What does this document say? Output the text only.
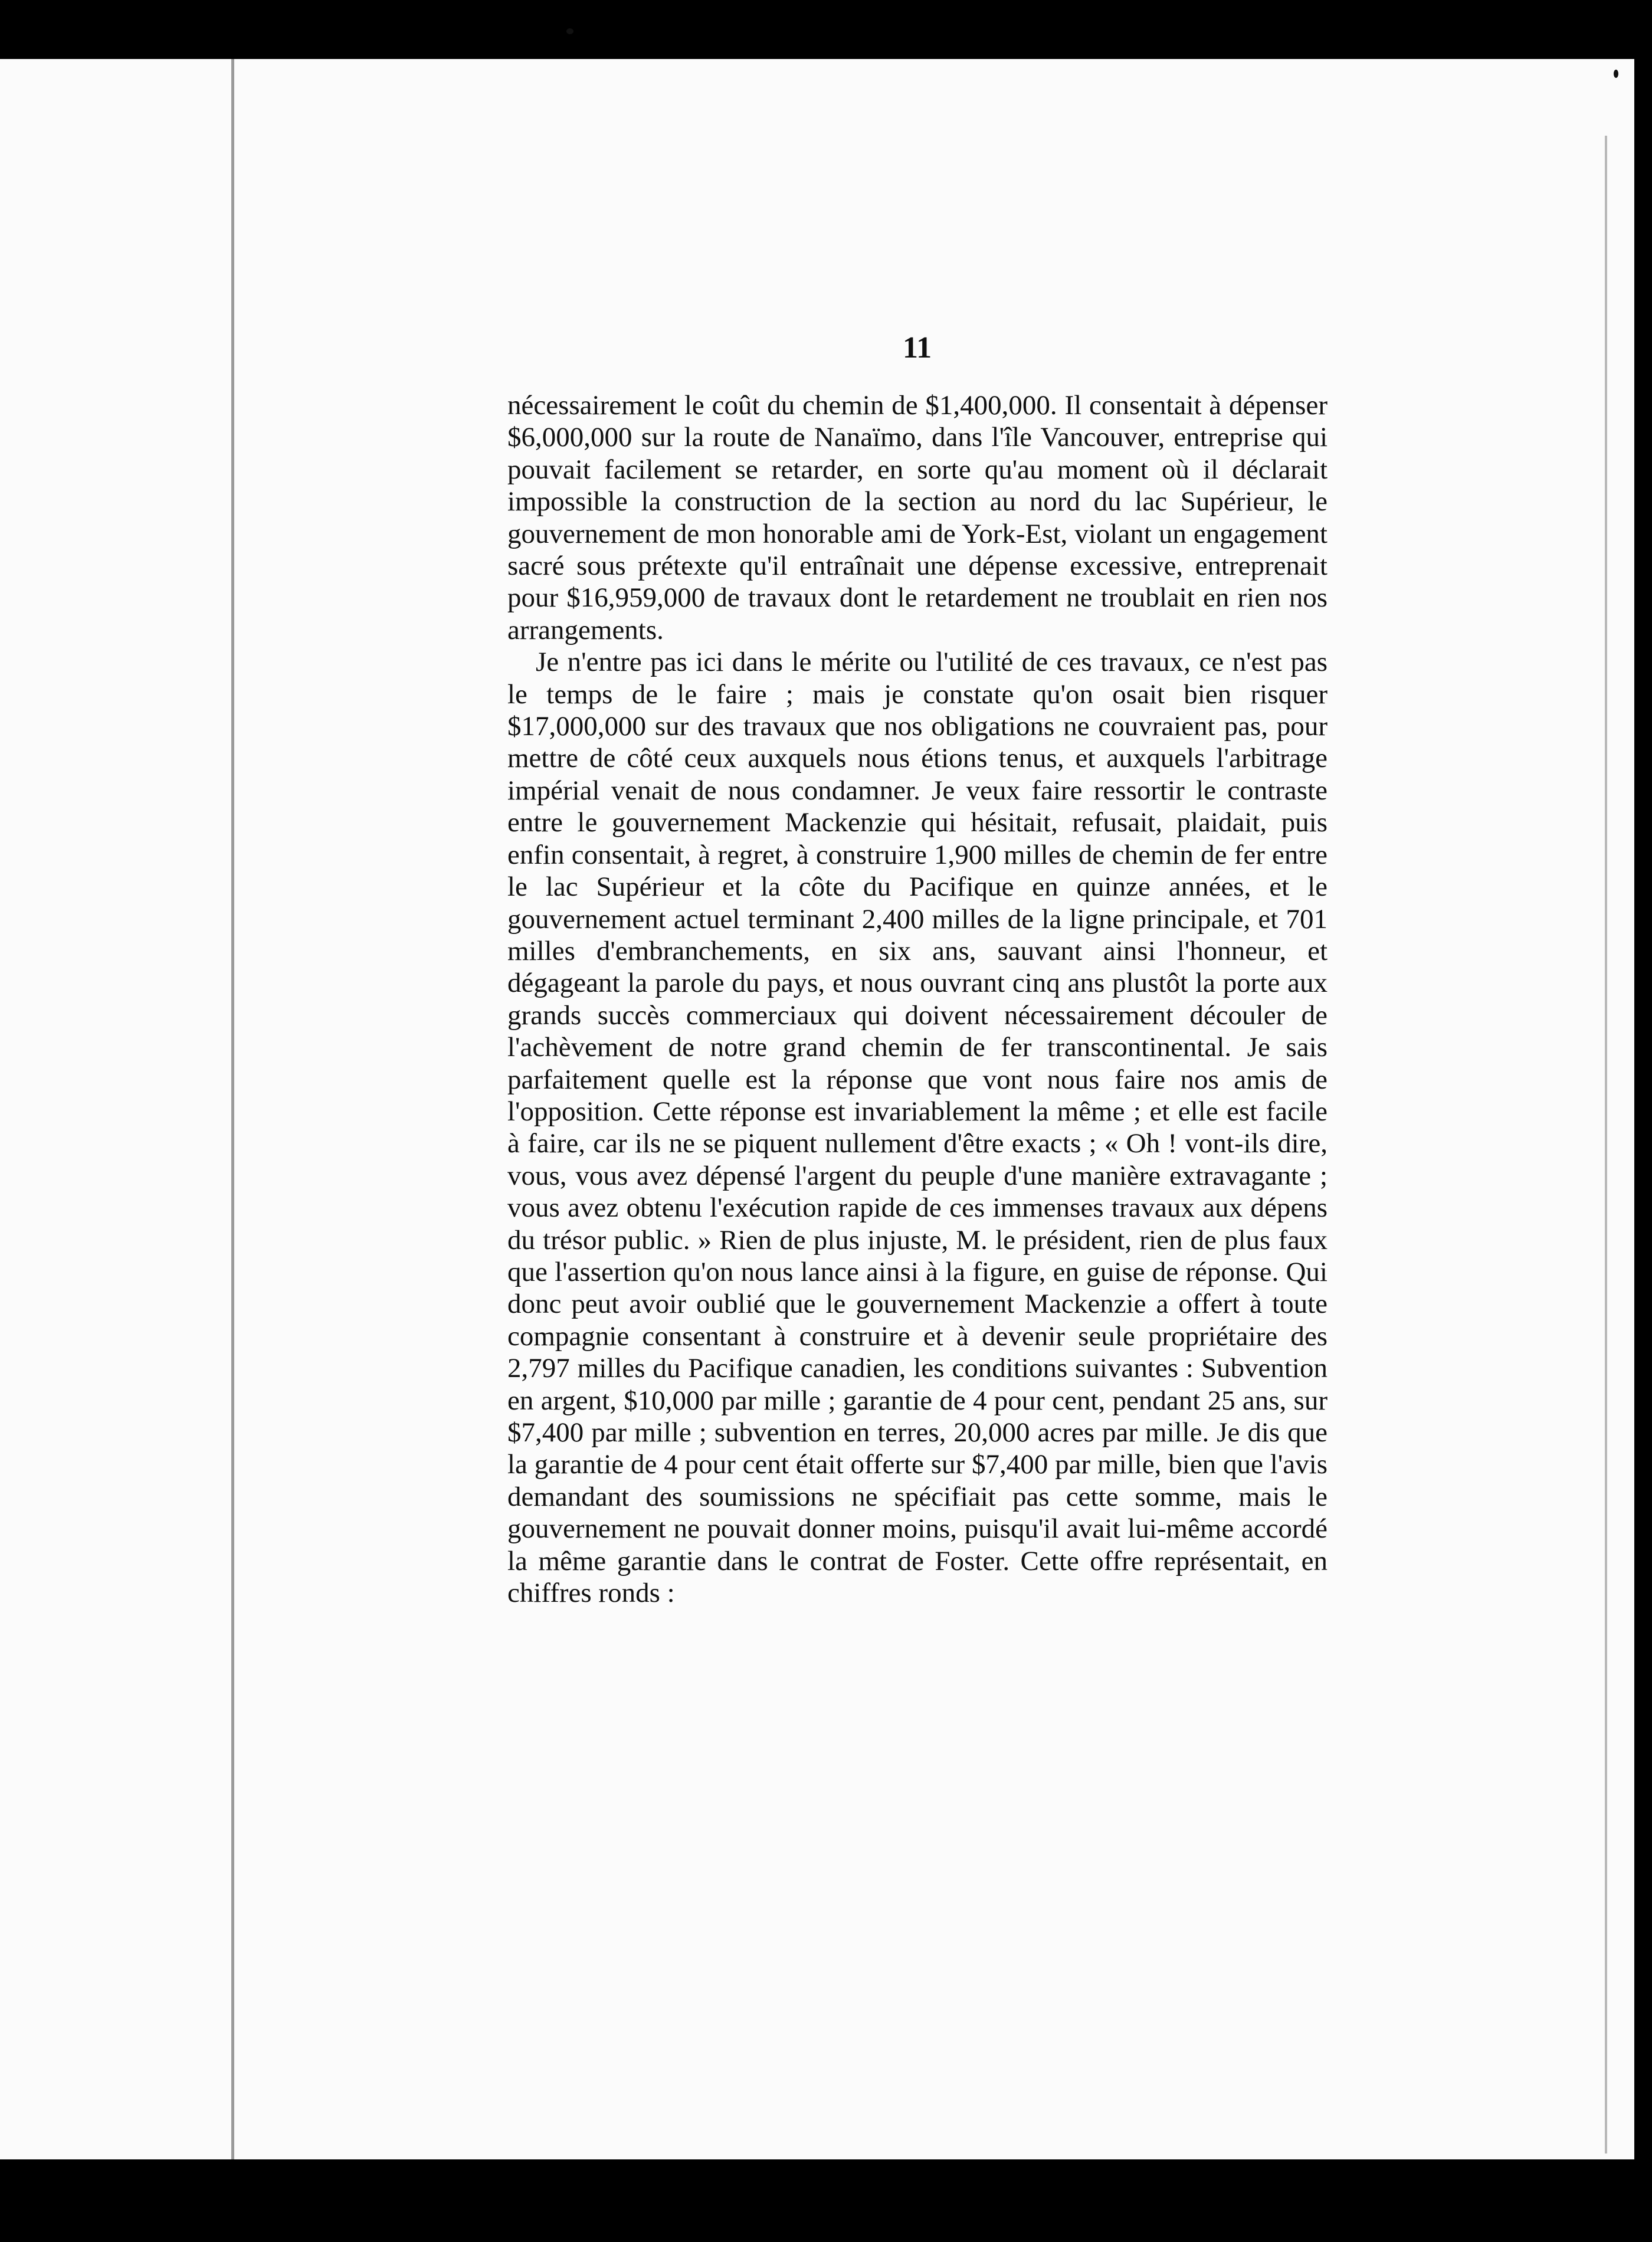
11

nécessairement le coût du chemin de $1,400,000. Il consentait à dépenser $6,000,000 sur la route de Nanaïmo, dans l'île Vancouver, entreprise qui pouvait facilement se retarder, en sorte qu'au moment où il déclarait impossible la construction de la section au nord du lac Supérieur, le gouvernement de mon honorable ami de York-Est, violant un engagement sacré sous prétexte qu'il entraînait une dépense excessive, entreprenait pour $16,959,000 de travaux dont le retardement ne troublait en rien nos arrangements.

Je n'entre pas ici dans le mérite ou l'utilité de ces travaux, ce n'est pas le temps de le faire ; mais je constate qu'on osait bien risquer $17,000,000 sur des travaux que nos obligations ne couvraient pas, pour mettre de côté ceux auxquels nous étions tenus, et auxquels l'arbitrage impérial venait de nous condamner. Je veux faire ressortir le contraste entre le gouvernement Mackenzie qui hésitait, refusait, plaidait, puis enfin consentait, à regret, à construire 1,900 milles de chemin de fer entre le lac Supérieur et la côte du Pacifique en quinze années, et le gouvernement actuel terminant 2,400 milles de la ligne principale, et 701 milles d'embranchements, en six ans, sauvant ainsi l'honneur, et dégageant la parole du pays, et nous ouvrant cinq ans plustôt la porte aux grands succès commerciaux qui doivent nécessairement découler de l'achèvement de notre grand chemin de fer transcontinental. Je sais parfaitement quelle est la réponse que vont nous faire nos amis de l'opposition. Cette réponse est invariablement la même ; et elle est facile à faire, car ils ne se piquent nullement d'être exacts ; « Oh ! vont-ils dire, vous, vous avez dépensé l'argent du peuple d'une manière extravagante ; vous avez obtenu l'exécution rapide de ces immenses travaux aux dépens du trésor public. » Rien de plus injuste, M. le président, rien de plus faux que l'assertion qu'on nous lance ainsi à la figure, en guise de réponse. Qui donc peut avoir oublié que le gouvernement Mackenzie a offert à toute compagnie consentant à construire et à devenir seule propriétaire des 2,797 milles du Pacifique canadien, les conditions suivantes : Subvention en argent, $10,000 par mille ; garantie de 4 pour cent, pendant 25 ans, sur $7,400 par mille ; subvention en terres, 20,000 acres par mille. Je dis que la garantie de 4 pour cent était offerte sur $7,400 par mille, bien que l'avis demandant des soumissions ne spécifiait pas cette somme, mais le gouvernement ne pouvait donner moins, puisqu'il avait lui-même accordé la même garantie dans le contrat de Foster. Cette offre représentait, en chiffres ronds :
